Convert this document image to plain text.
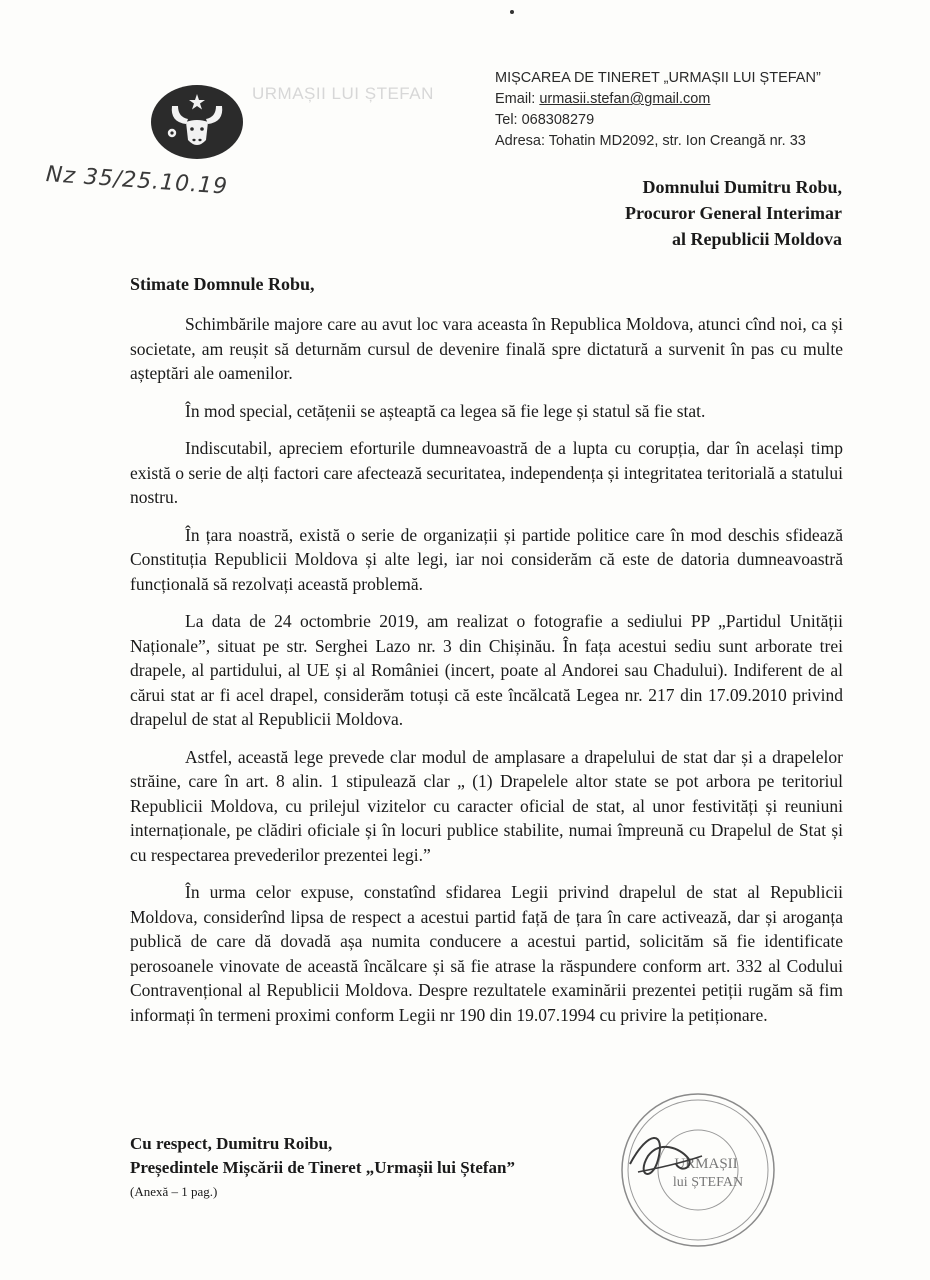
URMAȘII LUI ȘTEFAN
MIȘCAREA DE TINERET „URMAȘII LUI ȘTEFAN”
Email: urmasii.stefan@gmail.com
Tel: 068308279
Adresa: Tohatin MD2092, str. Ion Creangă nr. 33
Nz 35/25.10.19	Domnului Dumitru Robu,
Procuror General Interimar
al Republicii Moldova
Stimate Domnule Robu,

Schimbările majore care au avut loc vara aceasta în Republica Moldova, atunci cînd noi, ca și societate, am reușit să deturnăm cursul de devenire finală spre dictatură a survenit în pas cu multe așteptări ale oamenilor.

În mod special, cetățenii se așteaptă ca legea să fie lege și statul să fie stat.

Indiscutabil, apreciem eforturile dumneavoastră de a lupta cu corupția, dar în același timp există o serie de alți factori care afectează securitatea, independența și integritatea teritorială a statului nostru.

În țara noastră, există o serie de organizații și partide politice care în mod deschis sfidează Constituția Republicii Moldova și alte legi, iar noi considerăm că este de datoria dumneavoastră funcțională să rezolvați această problemă.

La data de 24 octombrie 2019, am realizat o fotografie a sediului PP „Partidul Unității Naționale”, situat pe str. Serghei Lazo nr. 3 din Chișinău. În fața acestui sediu sunt arborate trei drapele, al partidului, al UE și al României (incert, poate al Andorei sau Chadului). Indiferent de al cărui stat ar fi acel drapel, considerăm totuși că este încălcată Legea nr. 217 din 17.09.2010 privind drapelul de stat al Republicii Moldova.

Astfel, această lege prevede clar modul de amplasare a drapelului de stat dar și a drapelelor străine, care în art. 8 alin. 1 stipulează clar „ (1) Drapelele altor state se pot arbora pe teritoriul Republicii Moldova, cu prilejul vizitelor cu caracter oficial de stat, al unor festivități și reuniuni internaționale, pe clădiri oficiale și în locuri publice stabilite, numai împreună cu Drapelul de Stat și cu respectarea prevederilor prezentei legi.”

În urma celor expuse, constatînd sfidarea Legii privind drapelul de stat al Republicii Moldova, considerînd lipsa de respect a acestui partid față de țara în care activează, dar și aroganța publică de care dă dovadă așa numita conducere a acestui partid, solicităm să fie identificate perosoanele vinovate de această încălcare și să fie atrase la răspundere conform art. 332 al Codului Contravențional al Republicii Moldova. Despre rezultatele examinării prezentei petiții rugăm să fim informați în termeni proximi conform Legii nr 190 din 19.07.1994 cu privire la petiționare.

Cu respect, Dumitru Roibu,
Președintele Mișcării de Tineret „Urmașii lui Ștefan”
(Anexă – 1 pag.)
URMAȘII
lui ȘTEFAN
